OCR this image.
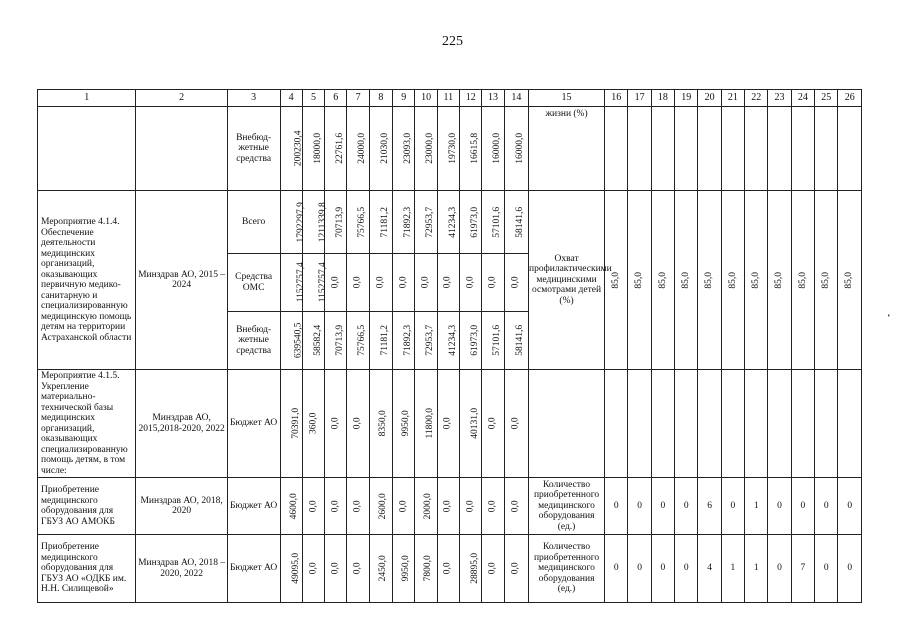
225
1	2	3	4	5	6	7	8	9	10	11	12	13	14	15	16	17	18	19	20	21	22	23	24	25	26
		Внебюд-жетные средства	200230,4	18000,0	22761,6	24000,0	21030,0	23093,0	23000,0	19730,0	16615,8	16000,0	16000,0	жизни (%)											
Мероприятие 4.1.4. Обеспечение деятельности медицинских организаций, оказывающих первичную медико-санитарную и специализированную медицинскую помощь детям на территории Астраханской области	Минздрав АО, 2015 – 2024	Всего	1792297,9	1211339,8	70713,9	75766,5	71181,2	71892,3	72953,7	41234,3	61973,0	57101,6	58141,6	Охват профилактическими медицинскими осмотрами детей (%)	85,0	85,0	85,0	85,0	85,0	85,0	85,0	85,0	85,0	85,0	85,0
		Средства ОМС	1152757,4	1152757,4	0,0	0,0	0,0	0,0	0,0	0,0	0,0	0,0	0,0												
		Внебюд-жетные средства	639540,5	58582,4	70713,9	75766,5	71181,2	71892,3	72953,7	41234,3	61973,0	57101,6	58141,6												
Мероприятие 4.1.5. Укрепление материально-технической базы медицинских организаций, оказывающих специализированную помощь детям, в том числе:	Минздрав АО, 2015,2018-2020, 2022	Бюджет АО	70391,0	360,0	0,0	0,0	8350,0	9950,0	11800,0	0,0	40131,0	0,0	0,0												
Приобретение медицинского оборудования для ГБУЗ АО АМОКБ	Минздрав АО, 2018, 2020	Бюджет АО	4600,0	0,0	0,0	0,0	2600,0	0,0	2000,0	0,0	0,0	0,0	0,0	Количество приобретенного медицинского оборудования (ед.)	0	0	0	0	6	0	1	0	0	0	0
Приобретение медицинского оборудования для ГБУЗ АО «ОДКБ им. Н.Н. Силищевой»	Минздрав АО, 2018 – 2020, 2022	Бюджет АО	49095,0	0,0	0,0	0,0	2450,0	9950,0	7800,0	0,0	28895,0	0,0	0,0	Количество приобретенного медицинского оборудования (ед.)	0	0	0	0	4	1	1	0	7	0	0
ʻ
